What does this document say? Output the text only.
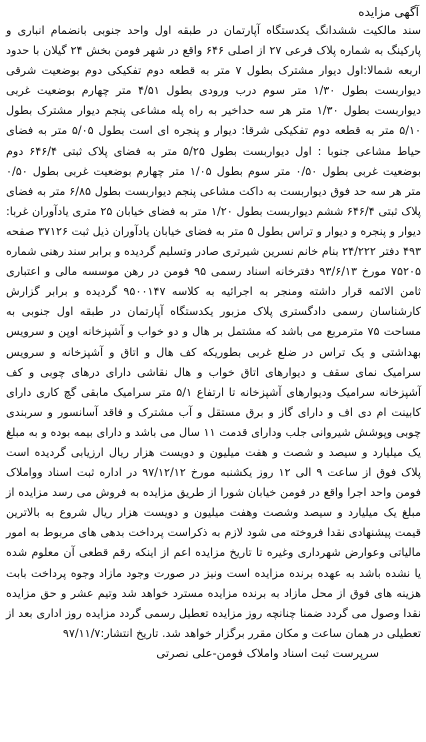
آگهی مزایده

سند مالکیت ششدانگ یکدستگاه آپارتمان در طبقه اول واحد جنوبی بانضمام انباری و پارکینگ به شماره پلاک فرعی ۲۷ از اصلی ۶۴۶ واقع در شهر فومن بخش ۲۴ گیلان با حدود اربعه شمالا:اول دیوار مشترک بطول ۷ متر به قطعه دوم تفکیکی دوم بوضعیت شرقی دیواربست بطول ۱/۳۰ متر سوم درب ورودی بطول ۴/۵۱ متر چهارم بوضعیت غربی دیواربست بطول ۱/۳۰ متر هر سه حداخیر به راه پله مشاعی پنجم دیوار مشترک بطول ۵/۱۰ متر به قطعه دوم تفکیکی شرقا: دیوار و پنجره ای است بطول ۵/۰۵ متر به فضای حیاط مشاعی جنوبا : اول دیواربست بطول ۵/۲۵ متر به فضای پلاک ثبتی ۶۴۶/۴ دوم بوضعیت غربی بطول ۰/۵۰ متر سوم بطول ۱/۰۵ متر چهارم بوضعیت غربی بطول ۰/۵۰ متر هر سه حد فوق دیواربست به داکت مشاعی پنجم دیواربست بطول ۶/۸۵ متر به فضای پلاک ثبتی ۶۴۶/۴ ششم دیواربست بطول ۱/۲۰ متر به فضای خیابان ۲۵ متری یادآوران غربا: دیوار و پنجره و دیوار و تراس بطول ۵ متر به فضای خیابان یادآوران ذیل ثبت ۳۷۱۲۶ صفحه ۴۹۳ دفتر ۲۴/۲۲۲ بنام خانم نسرین شیرتری صادر وتسلیم گردیده و برابر سند رهنی شماره ۷۵۲۰۵ مورخ ۹۳/۶/۱۳ دفترخانه اسناد رسمی ۹۵ فومن در رهن موسسه مالی و اعتباری ثامن الائمه قرار داشته ومنجر به اجرائیه به کلاسه ۹۵۰۰۱۴۷ گردیده و برابر گزارش کارشناسان رسمی دادگستری پلاک مزبور یکدستگاه آپارتمان در طبقه اول جنوبی به مساحت ۷۵ مترمربع می باشد که مشتمل بر هال و دو خواب و آشپزخانه اوپن و سرویس بهداشتی و یک تراس در ضلع غربی بطوریکه کف هال و اتاق و آشپزخانه و سرویس سرامیک نمای سقف و دیوارهای اتاق خواب و هال نقاشی دارای درهای چوبی و کف آشپزخانه سرامیک ودیوارهای آشپزخانه تا ارتفاع ۵/۱ متر سرامیک مابقی گچ کاری دارای کابینت ام دی اف و دارای گاز و برق مستقل و آب مشترک و فاقد آسانسور و سربندی چوبی وپوشش شیروانی جلب ودارای قدمت ۱۱ سال می باشد و دارای بیمه بوده و به مبلغ یک میلیارد و سیصد و شصت و هفت میلیون و دویست هزار ریال ارزیابی گردیده است پلاک فوق از ساعت ۹ الی ۱۲ روز یکشنبه مورخ ۹۷/۱۲/۱۲ در اداره ثبت اسناد وواملاک فومن واحد اجرا واقع در فومن خیابان شورا از طریق مزایده به فروش می رسد مزایده از مبلغ یک میلیارد و سیصد وشصت وهفت میلیون و دویست هزار ریال شروع به بالاترین قیمت پیشنهادی نقدا فروخته می شود لازم به ذکراست پرداخت بدهی های مربوط به امور مالیاتی وعوارض شهرداری وغیره تا تاریخ مزایده اعم از اینکه رقم قطعی آن معلوم شده یا نشده باشد به عهده برنده مزایده است ونیز در صورت وجود مازاد وجوه پرداخت بابت هزینه های فوق از محل مازاد به برنده مزایده مسترد خواهد شد وتیم عشر و حق مزایده نقدا وصول می گردد ضمنا چنانچه روز مزایده تعطیل رسمی گردد مزایده روز اداری بعد از تعطیلی در همان ساعت و مکان مقرر برگزار خواهد شد. تاریخ انتشار:۹۷/۱۱/۷

سرپرست ثبت اسناد واملاک فومن-علی نصرتی
